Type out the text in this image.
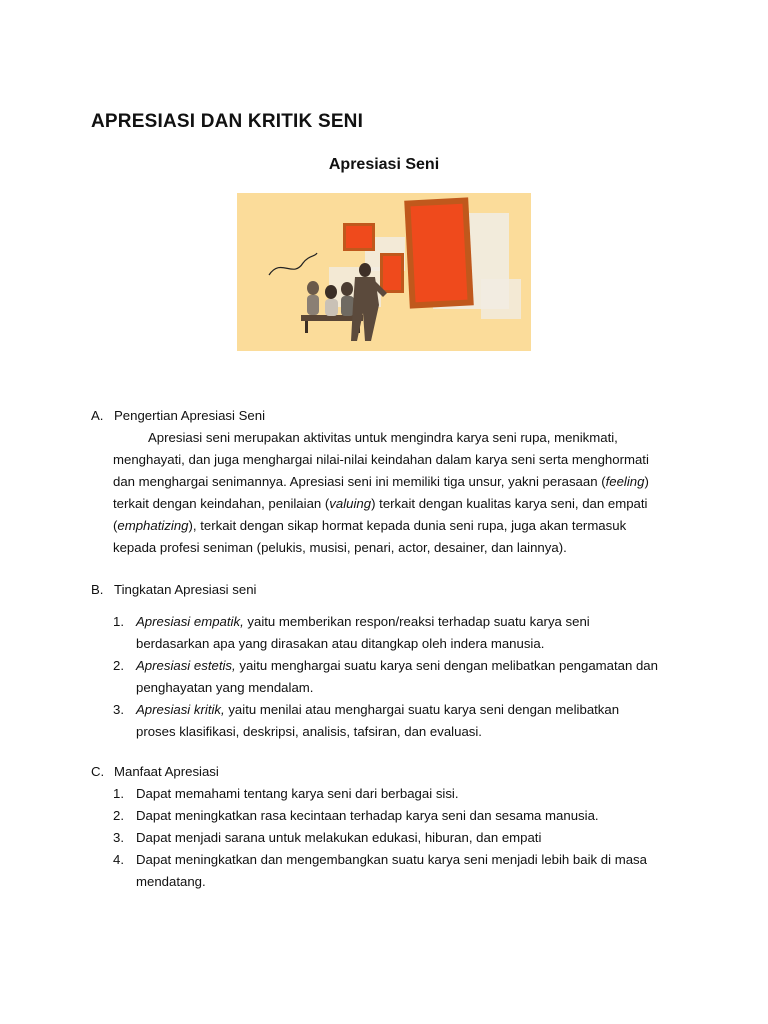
APRESIASI DAN KRITIK SENI
Apresiasi Seni
A. Pengertian Apresiasi Seni
Apresiasi seni merupakan aktivitas untuk mengindra karya seni rupa, menikmati,
menghayati, dan juga menghargai nilai-nilai keindahan dalam karya seni serta menghormati
dan menghargai senimannya. Apresiasi seni ini memiliki tiga unsur, yakni perasaan (feeling)
terkait dengan keindahan, penilaian (valuing) terkait dengan kualitas karya seni, dan empati
(emphatizing), terkait dengan sikap hormat kepada dunia seni rupa, juga akan termasuk
kepada profesi seniman (pelukis, musisi, penari, actor, desainer, dan lainnya).
B. Tingkatan Apresiasi seni
1. Apresiasi empatik, yaitu memberikan respon/reaksi terhadap suatu karya seni
berdasarkan apa yang dirasakan atau ditangkap oleh indera manusia.
2. Apresiasi estetis, yaitu menghargai suatu karya seni dengan melibatkan pengamatan dan
penghayatan yang mendalam.
3. Apresiasi kritik, yaitu menilai atau menghargai suatu karya seni dengan melibatkan
proses klasifikasi, deskripsi, analisis, tafsiran, dan evaluasi.
C. Manfaat Apresiasi
1. Dapat memahami tentang karya seni dari berbagai sisi.
2. Dapat meningkatkan rasa kecintaan terhadap karya seni dan sesama manusia.
3. Dapat menjadi sarana untuk melakukan edukasi, hiburan, dan empati
4. Dapat meningkatkan dan mengembangkan suatu karya seni menjadi lebih baik di masa
mendatang.
